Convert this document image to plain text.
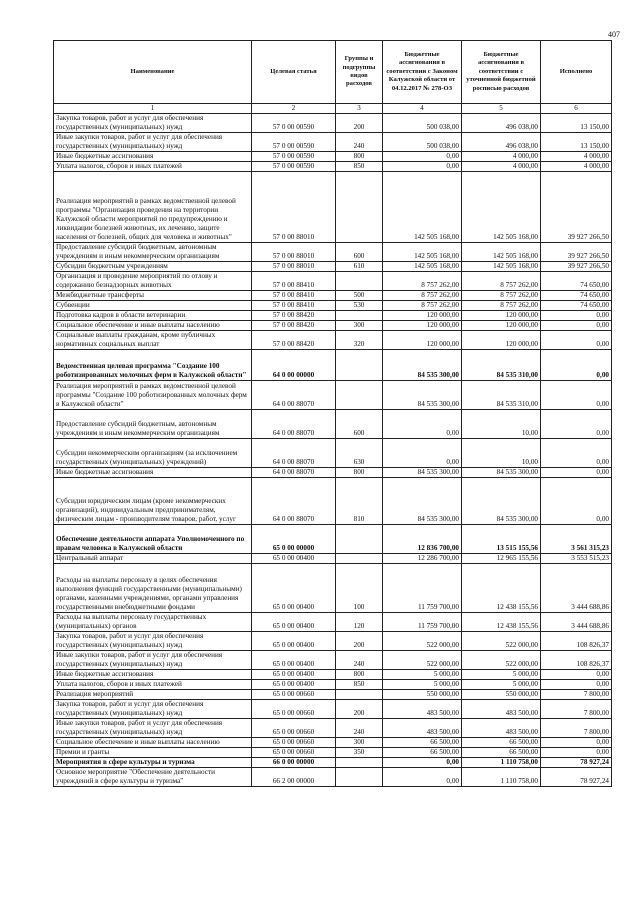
407
Наименование	Целевая статья	Группы и подгруппы видов расходов	Бюджетные ассигнования в соответствии с Законом Калужской области от 04.12.2017 № 278-ОЗ	Бюджетные ассигнования в соответствии с уточненной бюджетной росписью расходов	Исполнено
1	2	3	4	5	6
Закупка товаров, работ и услуг для обеспечения государственных (муниципальных) нужд	57 0 00 00590	200	500 038,00	496 038,00	13 150,00
Иные закупки товаров, работ и услуг для обеспечения государственных (муниципальных) нужд	57 0 00 00590	240	500 038,00	496 038,00	13 150,00
Иные бюджетные ассигнования	57 0 00 00590	800	0,00	4 000,00	4 000,00
Уплата налогов, сборов и иных платежей	57 0 00 00590	850	0,00	4 000,00	4 000,00
Реализация мероприятий в рамках ведомственной целевой программы "Организация проведения на территории Калужской области мероприятий по предупреждению и ликвидации болезней животных, их лечению, защите населения от болезней, общих для человека и животных"	57 0 00 88010		142 505 168,00	142 505 168,00	39 927 266,50
Предоставление субсидий бюджетным, автономным учреждениям и иным некоммерческим организациям	57 0 00 88010	600	142 505 168,00	142 505 168,00	39 927 266,50
Субсидии бюджетным учреждениям	57 0 00 88010	610	142 505 168,00	142 505 168,00	39 927 266,50
Организация и проведение мероприятий по отлову и содержанию безнадзорных животных	57 0 00 88410		8 757 262,00	8 757 262,00	74 650,00
Межбюджетные трансферты	57 0 00 88410	500	8 757 262,00	8 757 262,00	74 650,00
Субвенции	57 0 00 88410	530	8 757 262,00	8 757 262,00	74 650,00
Подготовка кадров в области ветеринарии	57 0 00 88420		120 000,00	120 000,00	0,00
Социальное обеспечение и иные выплаты населению	57 0 00 88420	300	120 000,00	120 000,00	0,00
Социальные выплаты гражданам, кроме публичных нормативных социальных выплат	57 0 00 88420	320	120 000,00	120 000,00	0,00
Ведомственная целевая программа "Создание 100 роботизированных молочных ферм в Калужской области"	64 0 00 00000		84 535 300,00	84 535 310,00	0,00
Реализация мероприятий в рамках ведомственной целевой программы "Создание 100 роботизированных молочных ферм в Калужской области"	64 0 00 88070		84 535 300,00	84 535 310,00	0,00
Предоставление субсидий бюджетным, автономным учреждениям и иным некоммерческим организациям	64 0 00 88070	600	0,00	10,00	0,00
Субсидии некоммерческим организациям (за исключением государственных (муниципальных) учреждений)	64 0 00 88070	630	0,00	10,00	0,00
Иные бюджетные ассигнования	64 0 00 88070	800	84 535 300,00	84 535 300,00	0,00
Субсидии юридическим лицам (кроме некоммерческих организаций), индивидуальным предпринимателям, физическим лицам - производителям товаров, работ, услуг	64 0 00 88070	810	84 535 300,00	84 535 300,00	0,00
Обеспечение деятельности аппарата Уполномоченного по правам человека в Калужской области	65 0 00 00000		12 836 700,00	13 515 155,56	3 561 315,23
Центральный аппарат	65 0 00 00400		12 286 700,00	12 965 155,56	3 553 515,23
Расходы на выплаты персоналу в целях обеспечения выполнения функций государственными (муниципальными) органами, казенными учреждениями, органами управления государственными внебюджетными фондами	65 0 00 00400	100	11 759 700,00	12 438 155,56	3 444 688,86
Расходы на выплаты персоналу государственных (муниципальных) органов	65 0 00 00400	120	11 759 700,00	12 438 155,56	3 444 688,86
Закупка товаров, работ и услуг для обеспечения государственных (муниципальных) нужд	65 0 00 00400	200	522 000,00	522 000,00	108 826,37
Иные закупки товаров, работ и услуг для обеспечения государственных (муниципальных) нужд	65 0 00 00400	240	522 000,00	522 000,00	108 826,37
Иные бюджетные ассигнования	65 0 00 00400	800	5 000,00	5 000,00	0,00
Уплата налогов, сборов и иных платежей	65 0 00 00400	850	5 000,00	5 000,00	0,00
Реализация мероприятий	65 0 00 00660		550 000,00	550 000,00	7 800,00
Закупка товаров, работ и услуг для обеспечения государственных (муниципальных) нужд	65 0 00 00660	200	483 500,00	483 500,00	7 800,00
Иные закупки товаров, работ и услуг для обеспечения государственных (муниципальных) нужд	65 0 00 00660	240	483 500,00	483 500,00	7 800,00
Социальное обеспечение и иные выплаты населению	65 0 00 00660	300	66 500,00	66 500,00	0,00
Премии и гранты	65 0 00 00660	350	66 500,00	66 500,00	0,00
Мероприятия в сфере культуры и туризма	66 0 00 00000		0,00	1 110 758,00	78 927,24
Основное мероприятие "Обеспечение деятельности учреждений в сфере культуры и туризма"	66 2 00 00000		0,00	1 110 758,00	78 927,24
